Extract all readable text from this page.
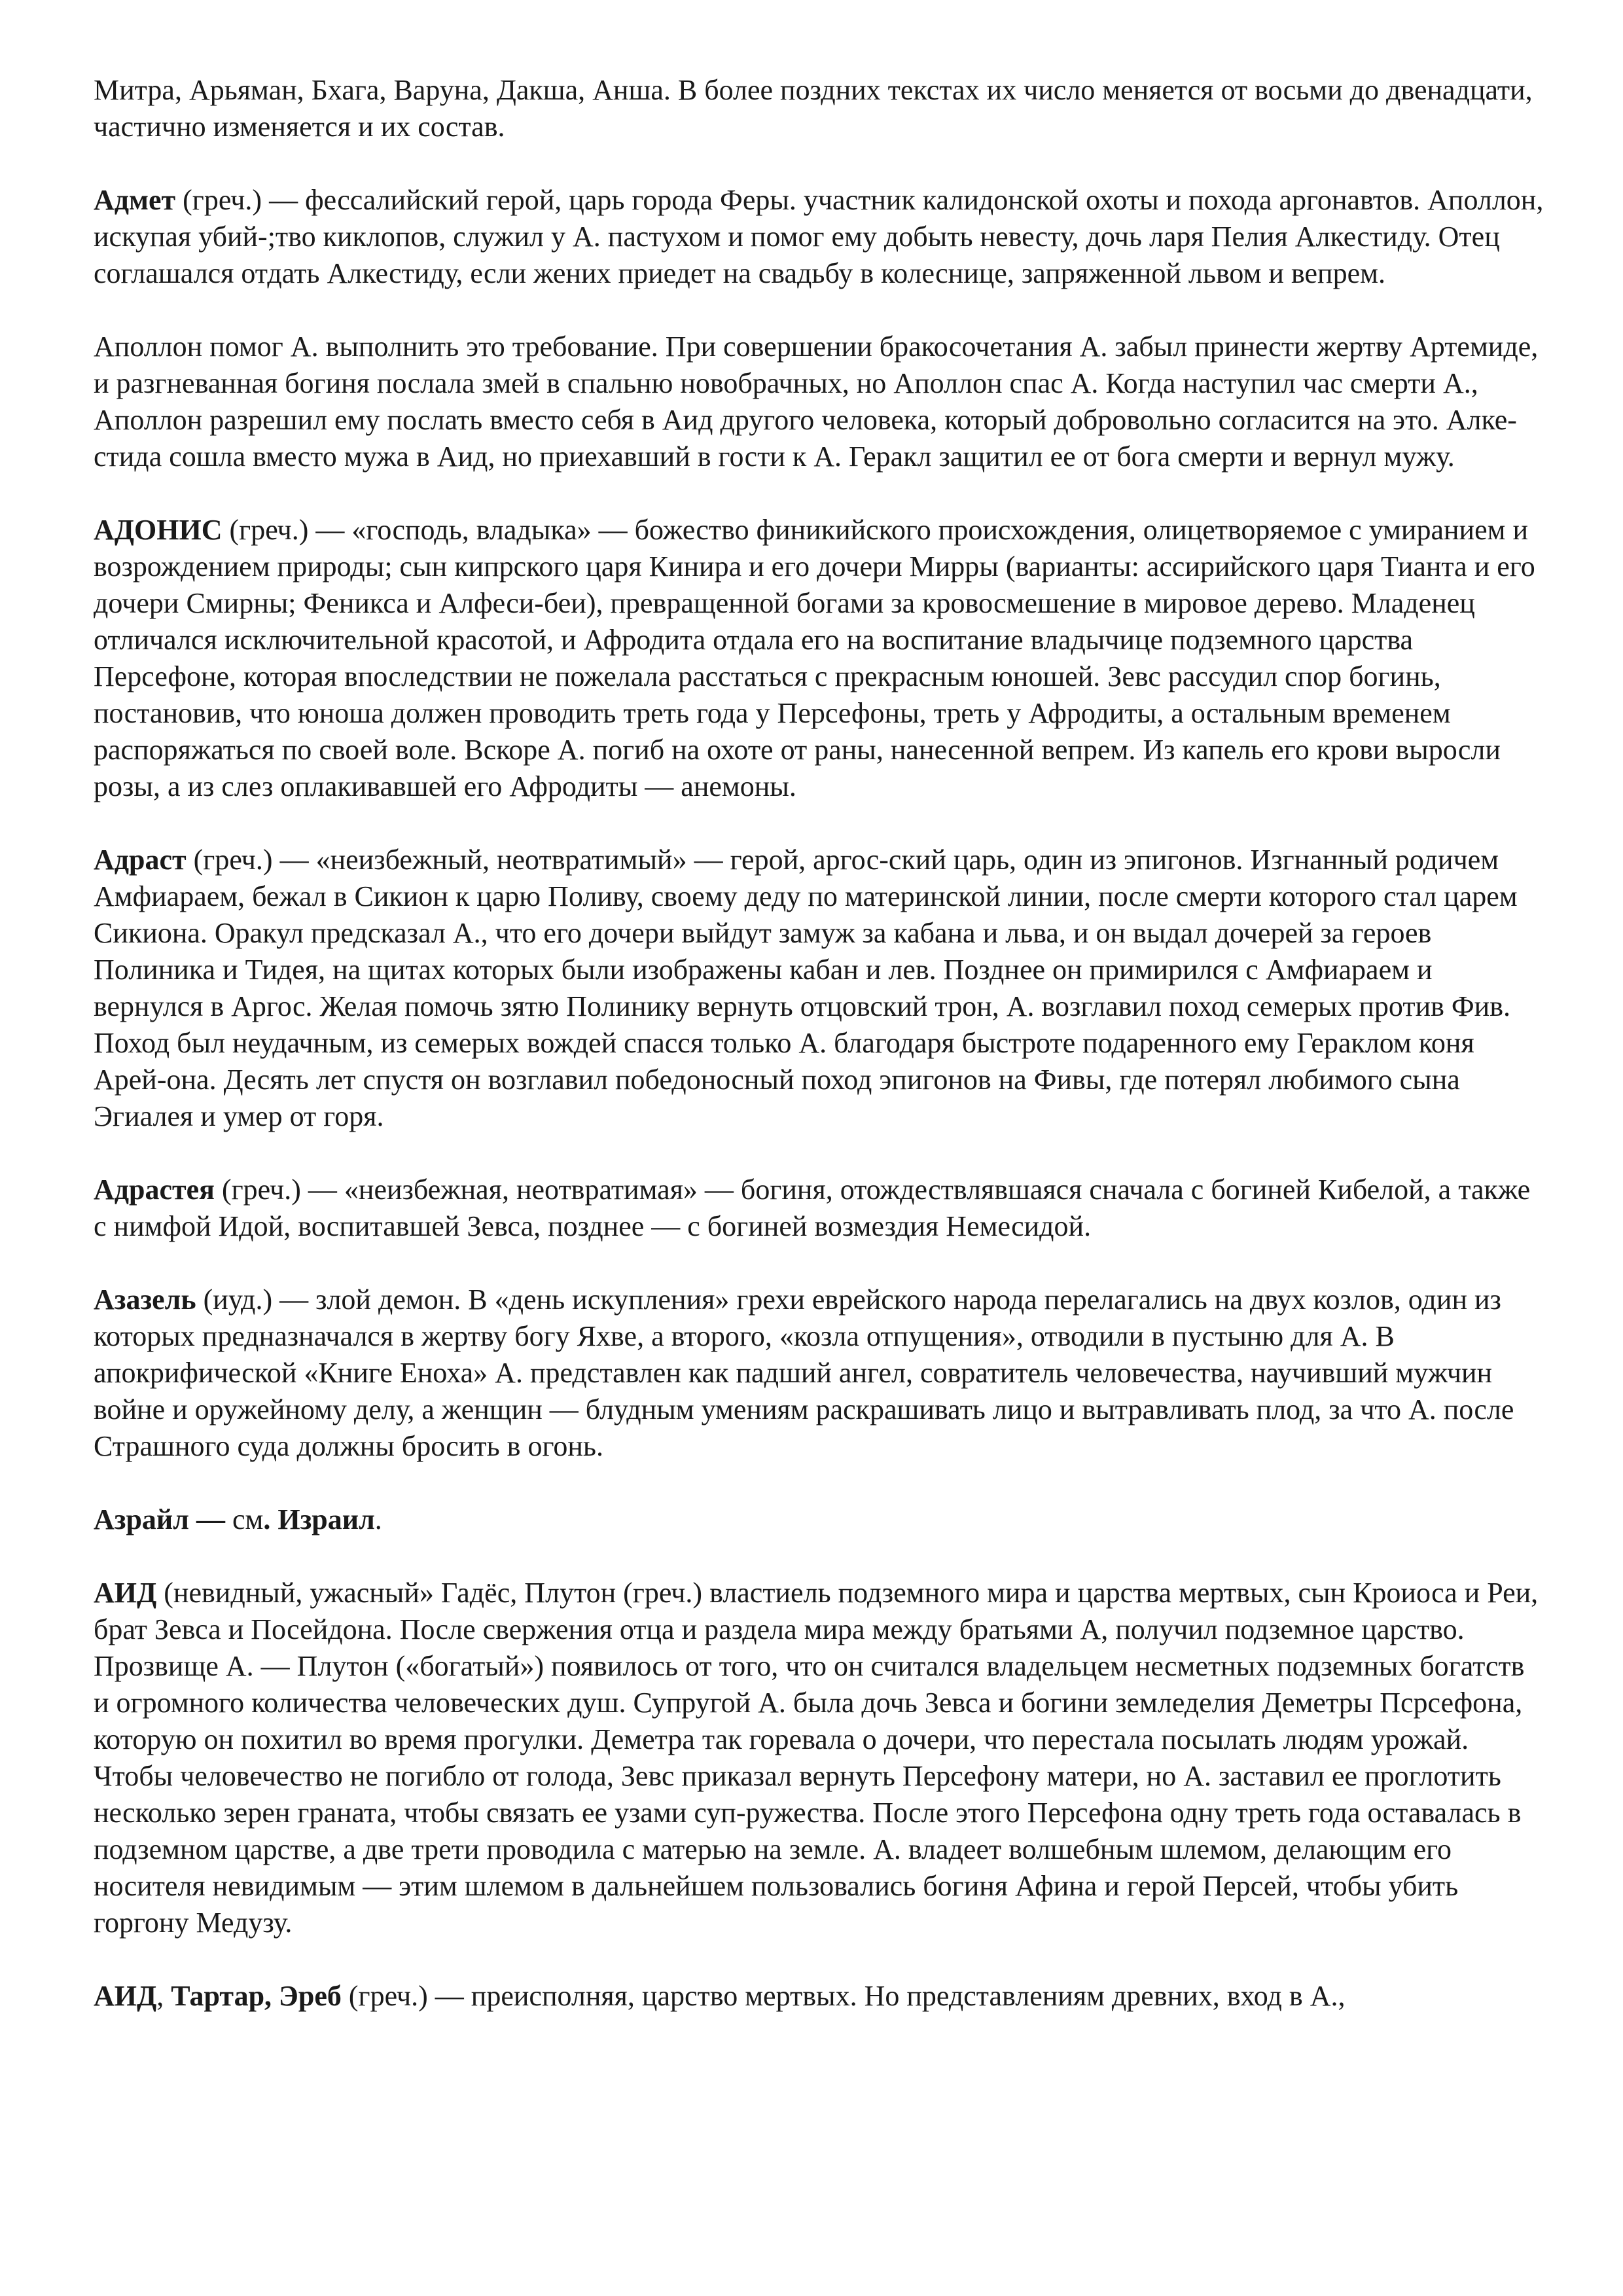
Митра, Арьяман, Бхага, Варуна, Дакша, Анша. В более поздних текстах их число меняется от восьми до двенадцати, частично изменяется и их состав.

Адмет (греч.) — фессалийский герой, царь города Феры. участник калидонской охоты и похода аргонавтов. Аполлон, искупая убий-;тво киклопов, служил у А. пастухом и помог ему добыть невесту, дочь ларя Пелия Алкестиду. Отец соглашался отдать Алкестиду, если жених приедет на свадьбу в колеснице, запряженной львом и вепрем.

Аполлон помог А. выполнить это требование. При совершении бракосочетания А. забыл принести жертву Артемиде, и разгневанная богиня послала змей в спальню новобрачных, но Аполлон спас А. Когда наступил час смерти А., Аполлон разрешил ему послать вместо себя в Аид другого человека, который добровольно согласится на это. Алке-стида сошла вместо мужа в Аид, но приехавший в гости к А. Геракл защитил ее от бога смерти и вернул мужу.

АДОНИС (греч.) — «господь, владыка» — божество финикийского происхождения, олицетворяемое с умиранием и возрождением природы; сын кипрского царя Кинира и его дочери Мирры (варианты: ассирийского царя Тианта и его дочери Смирны; Феникса и Алфеси-беи), превращенной богами за кровосмешение в мировое дерево. Младенец отличался исключительной красотой, и Афродита отдала его на воспитание владычице подземного царства Персефоне, которая впоследствии не пожелала расстаться с прекрасным юношей. Зевс рассудил спор богинь, постановив, что юноша должен проводить треть года у Персефоны, треть у Афродиты, а остальным временем распоряжаться по своей воле. Вскоре А. погиб на охоте от раны, нанесенной вепрем. Из капель его крови выросли розы, а из слез оплакивавшей его Афродиты — анемоны.

Адраст (греч.) — «неизбежный, неотвратимый» — герой, аргос-ский царь, один из эпигонов. Изгнанный родичем Амфиараем, бежал в Сикион к царю Поливу, своему деду по материнской линии, после смерти которого стал царем Сикиона. Оракул предсказал А., что его дочери выйдут замуж за кабана и льва, и он выдал дочерей за героев Полиника и Тидея, на щитах которых были изображены кабан и лев. Позднее он примирился с Амфиараем и вернулся в Аргос. Желая помочь зятю Полинику вернуть отцовский трон, А. возглавил поход семерых против Фив. Поход был неудачным, из семерых вождей спасся только А. благодаря быстроте подаренного ему Гераклом коня Арей-она. Десять лет спустя он возглавил победоносный поход эпигонов на Фивы, где потерял любимого сына Эгиалея и умер от горя.

Адрастея (греч.) — «неизбежная, неотвратимая» — богиня, отождествлявшаяся сначала с богиней Кибелой, а также с нимфой Идой, воспитавшей Зевса, позднее — с богиней возмездия Немесидой.

Азазель (иуд.) — злой демон. В «день искупления» грехи еврейского народа перелагались на двух козлов, один из которых предназначался в жертву богу Яхве, а второго, «козла отпущения», отводили в пустыню для А. В апокрифической «Книге Еноха» А. представлен как падший ангел, совратитель человечества, научивший мужчин войне и оружейному делу, а женщин — блудным умениям раскрашивать лицо и вытравливать плод, за что А. после Страшного суда должны бросить в огонь.

Азрайл — см. Израил.

АИД (невидный, ужасный» Гадёс, Плутон (греч.) властиель подземного мира и царства мертвых, сын Кроиоса и Реи, брат Зевса и Посейдона. После свержения отца и раздела мира между братьями А, получил подземное царство. Прозвище А. — Плутон («богатый») появилось от того, что он считался владельцем несметных подземных богатств и огромного количества человеческих душ. Супругой А. была дочь Зевса и богини земледелия Деметры Пcрсефона, которую он похитил во время прогулки. Деметра так горевала о дочери, что перестала посылать людям урожай. Чтобы человечество не погибло от голода, Зевс приказал вернуть Персефону матери, но А. заставил ее проглотить несколько зерен граната, чтобы связать ее узами суп-ружества. После этого Персефона одну треть года оставалась в подземном царстве, а две трети проводила с матерью на земле. А. владеет волшебным шлемом, делающим его носителя невидимым — этим шлемом в дальнейшем пользовались богиня Афина и герой Персей, чтобы убить горгону Медузу.

АИД, Тартар, Эреб (греч.) — преисполняя, царство мертвых. Но представлениям древних, вход в А.,
